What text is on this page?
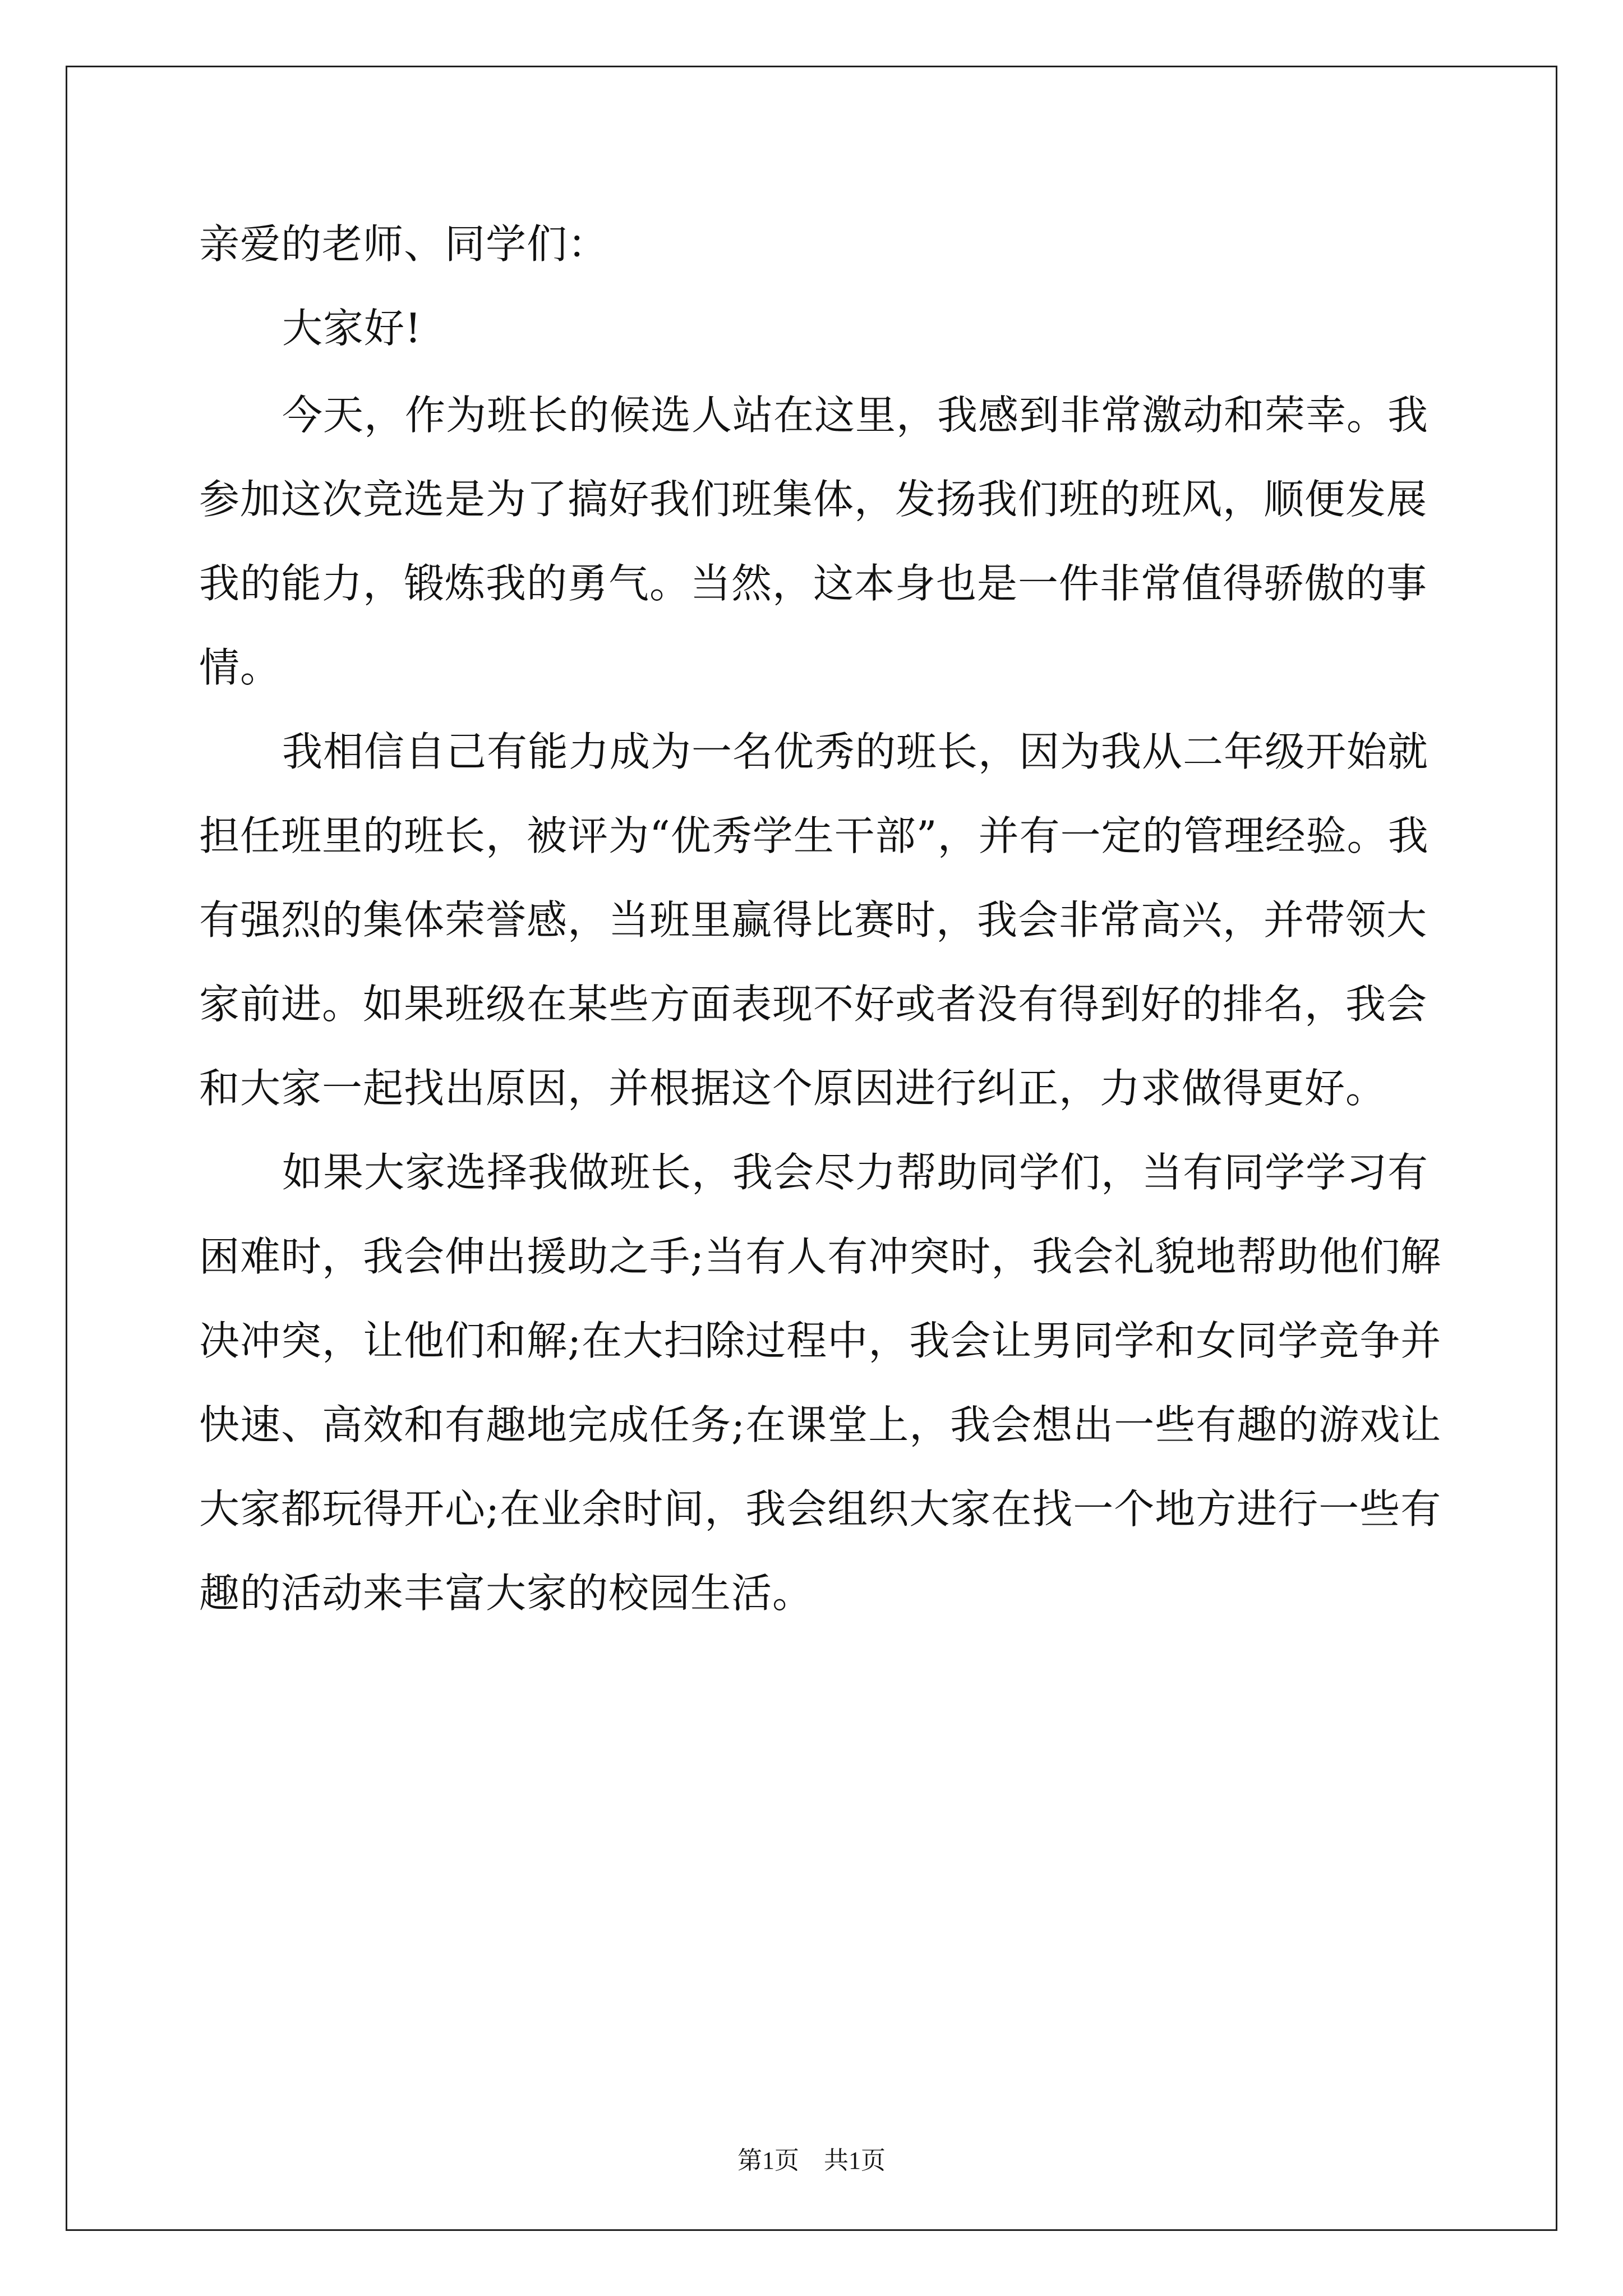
亲爱的老师、同学们：
大家好!
今天，作为班长的候选人站在这里，我感到非常激动和荣幸。我
参加这次竞选是为了搞好我们班集体，发扬我们班的班风，顺便发展
我的能力，锻炼我的勇气。当然，这本身也是一件非常值得骄傲的事
情。
我相信自己有能力成为一名优秀的班长，因为我从二年级开始就
担任班里的班长，被评为“优秀学生干部”，并有一定的管理经验。我
有强烈的集体荣誉感，当班里赢得比赛时，我会非常高兴，并带领大
家前进。如果班级在某些方面表现不好或者没有得到好的排名，我会
和大家一起找出原因，并根据这个原因进行纠正，力求做得更好。
如果大家选择我做班长，我会尽力帮助同学们，当有同学学习有
困难时，我会伸出援助之手;当有人有冲突时，我会礼貌地帮助他们解
决冲突，让他们和解;在大扫除过程中，我会让男同学和女同学竞争并
快速、高效和有趣地完成任务;在课堂上，我会想出一些有趣的游戏让
大家都玩得开心;在业余时间，我会组织大家在找一个地方进行一些有
趣的活动来丰富大家的校园生活。
第1页　共1页
